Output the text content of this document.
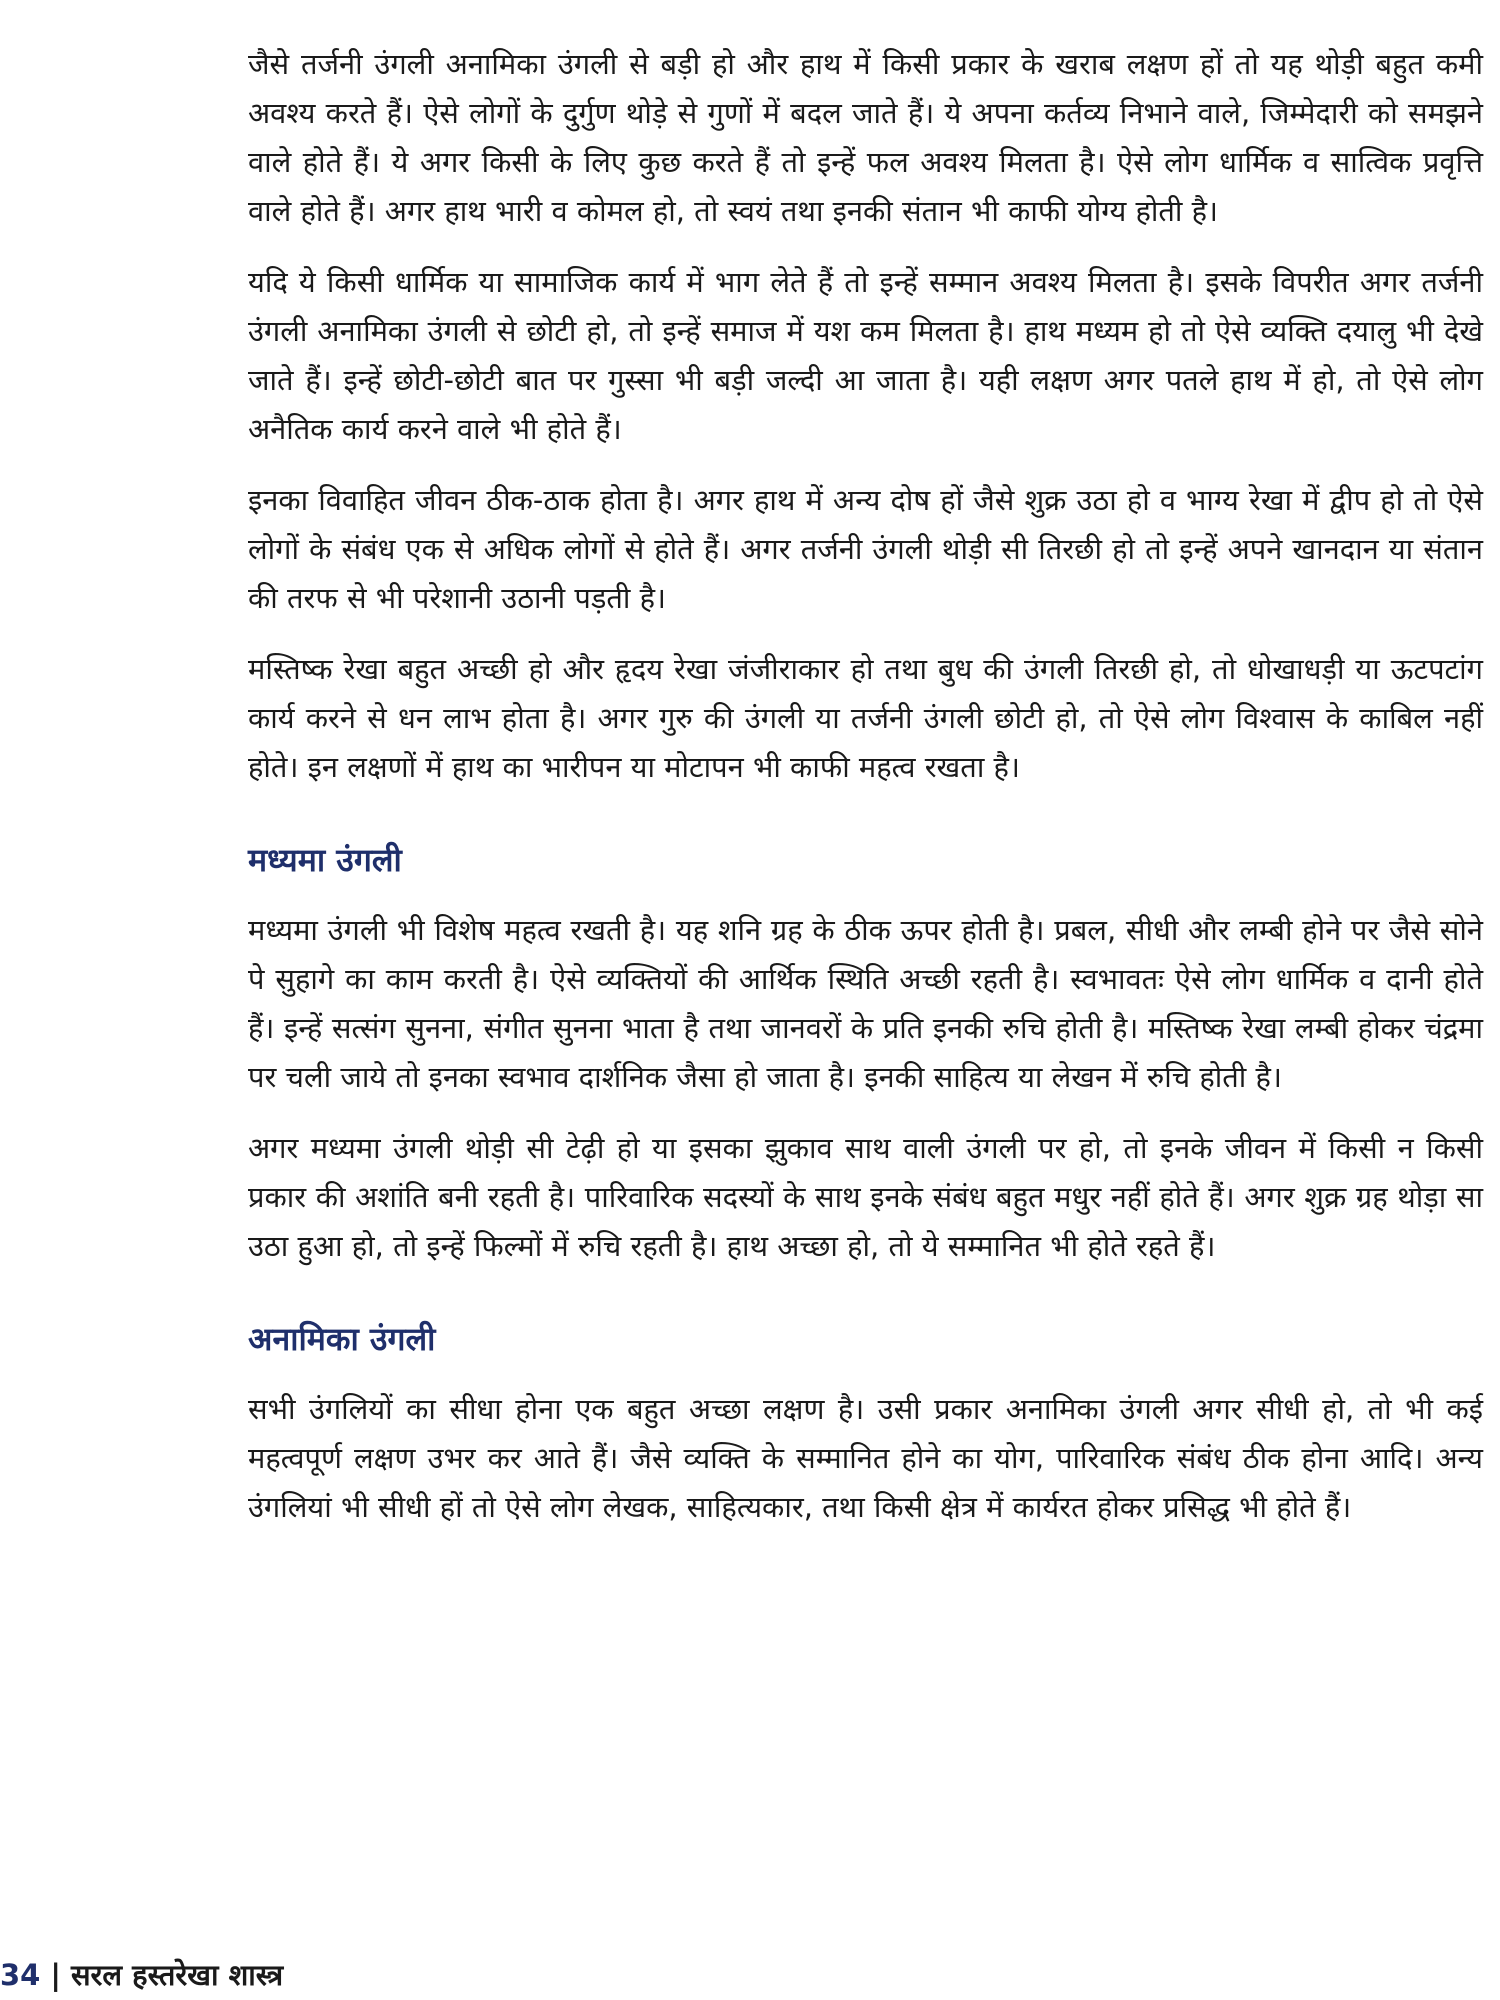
जैसे तर्जनी उंगली अनामिका उंगली से बड़ी हो और हाथ में किसी प्रकार के खराब लक्षण हों तो यह थोड़ी बहुत कमी अवश्य करते हैं। ऐसे लोगों के दुर्गुण थोड़े से गुणों में बदल जाते हैं। ये अपना कर्तव्य निभाने वाले, जिम्मेदारी को समझने वाले होते हैं। ये अगर किसी के लिए कुछ करते हैं तो इन्हें फल अवश्य मिलता है। ऐसे लोग धार्मिक व सात्विक प्रवृत्ति वाले होते हैं। अगर हाथ भारी व कोमल हो, तो स्वयं तथा इनकी संतान भी काफी योग्य होती है।

यदि ये किसी धार्मिक या सामाजिक कार्य में भाग लेते हैं तो इन्हें सम्मान अवश्य मिलता है। इसके विपरीत अगर तर्जनी उंगली अनामिका उंगली से छोटी हो, तो इन्हें समाज में यश कम मिलता है। हाथ मध्यम हो तो ऐसे व्यक्ति दयालु भी देखे जाते हैं। इन्हें छोटी-छोटी बात पर गुस्सा भी बड़ी जल्दी आ जाता है। यही लक्षण अगर पतले हाथ में हो, तो ऐसे लोग अनैतिक कार्य करने वाले भी होते हैं।

इनका विवाहित जीवन ठीक-ठाक होता है। अगर हाथ में अन्य दोष हों जैसे शुक्र उठा हो व भाग्य रेखा में द्वीप हो तो ऐसे लोगों के संबंध एक से अधिक लोगों से होते हैं। अगर तर्जनी उंगली थोड़ी सी तिरछी हो तो इन्हें अपने खानदान या संतान की तरफ से भी परेशानी उठानी पड़ती है।

मस्तिष्क रेखा बहुत अच्छी हो और हृदय रेखा जंजीराकार हो तथा बुध की उंगली तिरछी हो, तो धोखाधड़ी या ऊटपटांग कार्य करने से धन लाभ होता है। अगर गुरु की उंगली या तर्जनी उंगली छोटी हो, तो ऐसे लोग विश्वास के काबिल नहीं होते। इन लक्षणों में हाथ का भारीपन या मोटापन भी काफी महत्व रखता है।

मध्यमा उंगली

मध्यमा उंगली भी विशेष महत्व रखती है। यह शनि ग्रह के ठीक ऊपर होती है। प्रबल, सीधी और लम्बी होने पर जैसे सोने पे सुहागे का काम करती है। ऐसे व्यक्तियों की आर्थिक स्थिति अच्छी रहती है। स्वभावतः ऐसे लोग धार्मिक व दानी होते हैं। इन्हें सत्संग सुनना, संगीत सुनना भाता है तथा जानवरों के प्रति इनकी रुचि होती है। मस्तिष्क रेखा लम्बी होकर चंद्रमा पर चली जाये तो इनका स्वभाव दार्शनिक जैसा हो जाता है। इनकी साहित्य या लेखन में रुचि होती है।

अगर मध्यमा उंगली थोड़ी सी टेढ़ी हो या इसका झुकाव साथ वाली उंगली पर हो, तो इनके जीवन में किसी न किसी प्रकार की अशांति बनी रहती है। पारिवारिक सदस्यों के साथ इनके संबंध बहुत मधुर नहीं होते हैं। अगर शुक्र ग्रह थोड़ा सा उठा हुआ हो, तो इन्हें फिल्मों में रुचि रहती है। हाथ अच्छा हो, तो ये सम्मानित भी होते रहते हैं।

अनामिका उंगली

सभी उंगलियों का सीधा होना एक बहुत अच्छा लक्षण है। उसी प्रकार अनामिका उंगली अगर सीधी हो, तो भी कई महत्वपूर्ण लक्षण उभर कर आते हैं। जैसे व्यक्ति के सम्मानित होने का योग, पारिवारिक संबंध ठीक होना आदि। अन्य उंगलियां भी सीधी हों तो ऐसे लोग लेखक, साहित्यकार, तथा किसी क्षेत्र में कार्यरत होकर प्रसिद्ध भी होते हैं।

34 | सरल हस्तरेखा शास्त्र
